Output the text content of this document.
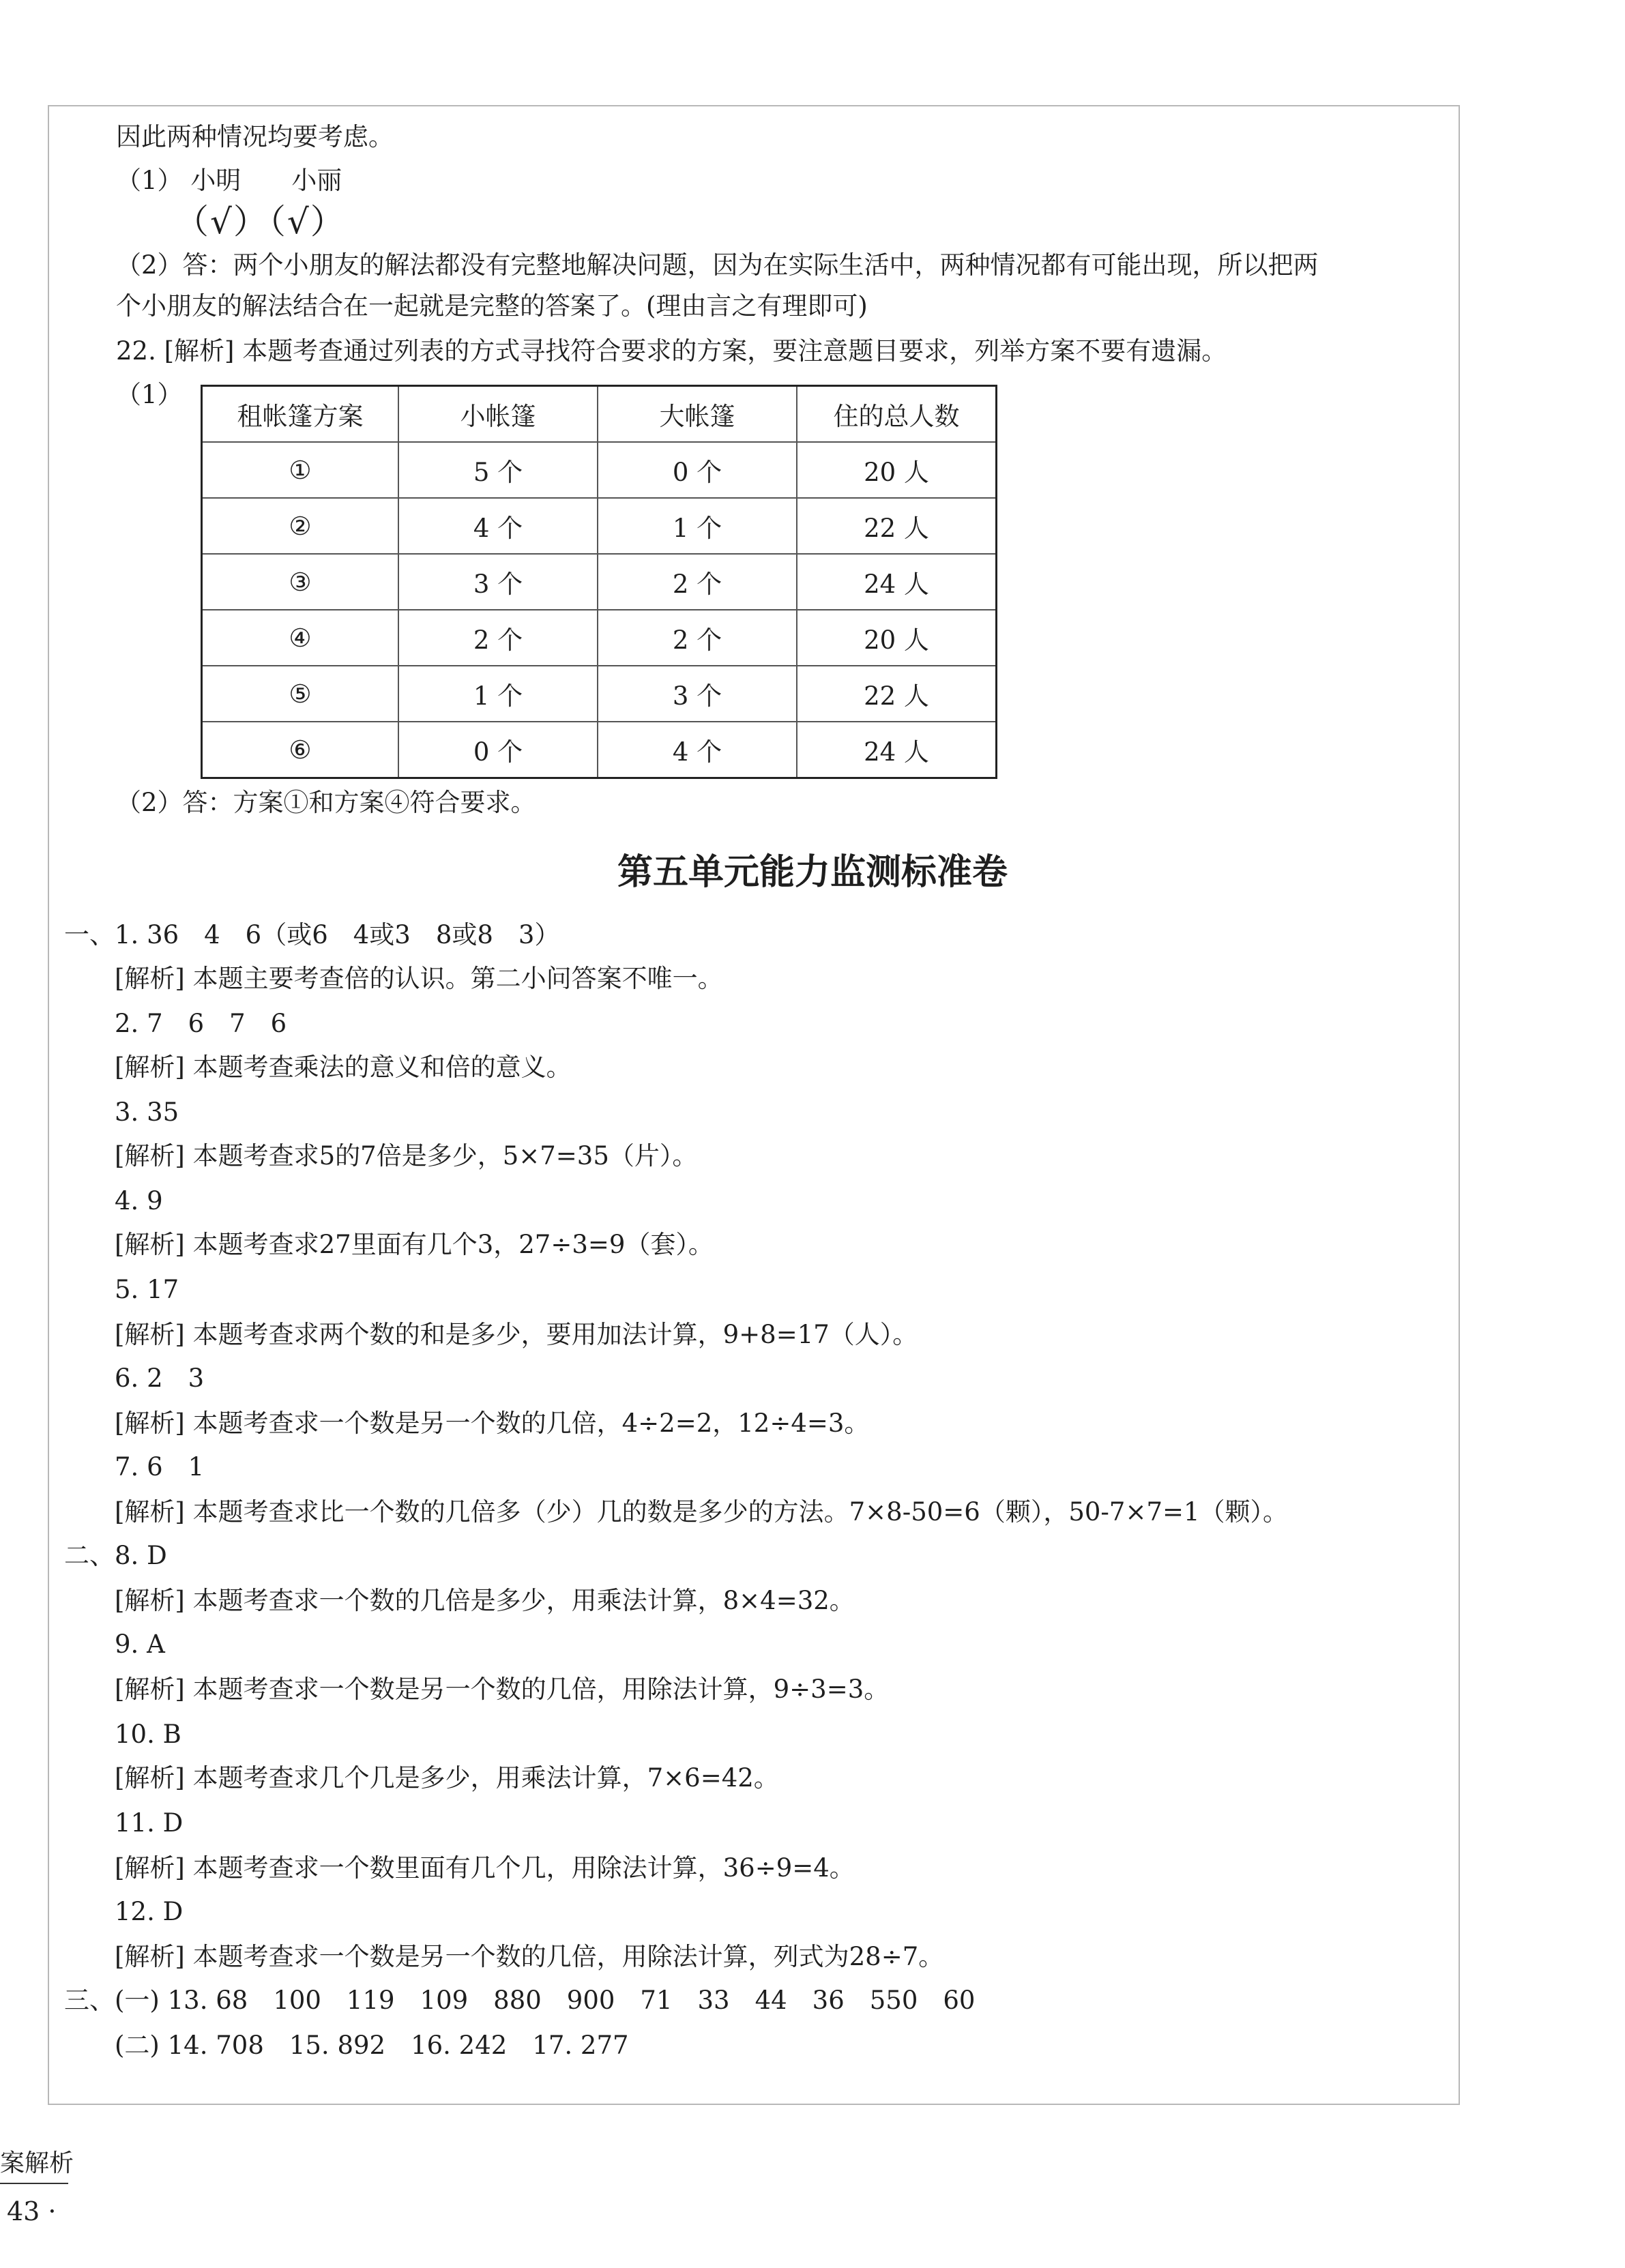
因此两种情况均要考虑。
（1） 小明　　小丽
（√）（√）
（2）答：两个小朋友的解法都没有完整地解决问题，因为在实际生活中，两种情况都有可能出现，所以把两
个小朋友的解法结合在一起就是完整的答案了。(理由言之有理即可)
22. [解析] 本题考查通过列表的方式寻找符合要求的方案，要注意题目要求，列举方案不要有遗漏。
（1）
租帐篷方案	小帐篷	大帐篷	住的总人数
①	5 个	0 个	20 人
②	4 个	1 个	22 人
③	3 个	2 个	24 人
④	2 个	2 个	20 人
⑤	1 个	3 个	22 人
⑥	0 个	4 个	24 人
（2）答：方案①和方案④符合要求。
第五单元能力监测标准卷
一、1. 36　4　6（或6　4或3　8或8　3）
[解析] 本题主要考查倍的认识。第二小问答案不唯一。
2. 7　6　7　6
[解析] 本题考查乘法的意义和倍的意义。
3. 35
[解析] 本题考查求5的7倍是多少，5×7=35（片）。
4. 9
[解析] 本题考查求27里面有几个3，27÷3=9（套）。
5. 17
[解析] 本题考查求两个数的和是多少，要用加法计算，9+8=17（人）。
6. 2　3
[解析] 本题考查求一个数是另一个数的几倍，4÷2=2，12÷4=3。
7. 6　1
[解析] 本题考查求比一个数的几倍多（少）几的数是多少的方法。7×8-50=6（颗），50-7×7=1（颗）。
二、8. D
[解析] 本题考查求一个数的几倍是多少，用乘法计算，8×4=32。
9. A
[解析] 本题考查求一个数是另一个数的几倍，用除法计算，9÷3=3。
10. B
[解析] 本题考查求几个几是多少，用乘法计算，7×6=42。
11. D
[解析] 本题考查求一个数里面有几个几，用除法计算，36÷9=4。
12. D
[解析] 本题考查求一个数是另一个数的几倍，用除法计算，列式为28÷7。
三、(一) 13. 68　100　119　109　880　900　71　33　44　36　550　60
(二) 14. 708　15. 892　16. 242　17. 277
案解析
43 ·
